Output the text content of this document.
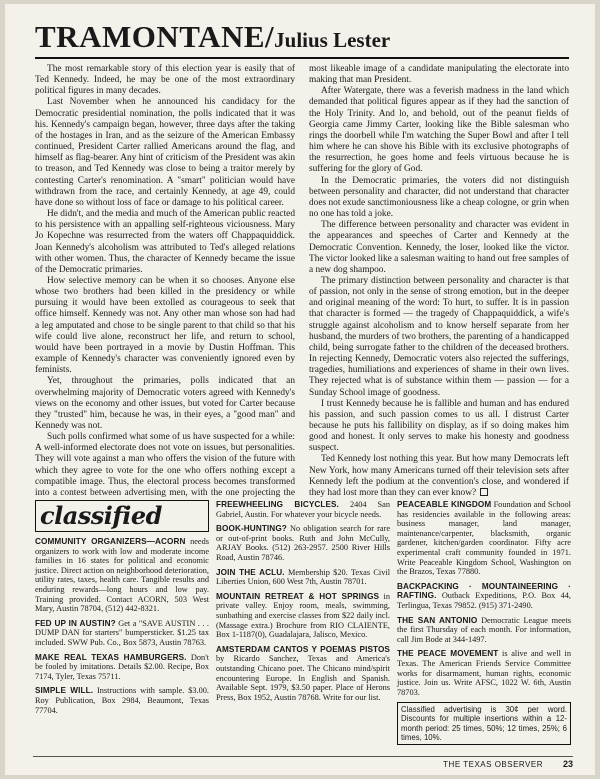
TRAMONTANE/ Julius Lester

The most remarkable story of this election year is easily that of Ted Kennedy. Indeed, he may be one of the most extraordinary political figures in many decades.

Last November when he announced his candidacy for the Democratic presidential nomination, the polls indicated that it was his. Kennedy's campaign began, however, three days after the taking of the hostages in Iran, and as the seizure of the American Embassy continued, President Carter rallied Americans around the flag, and himself as flag-bearer. Any hint of criticism of the President was akin to treason, and Ted Kennedy was close to being a traitor merely by contesting Carter's renomination. A "smart" politician would have withdrawn from the race, and certainly Kennedy, at age 49, could have done so without loss of face or damage to his political career.

He didn't, and the media and much of the American public reacted to his persistence with an appalling self-righteous viciousness. Mary Jo Kopechne was resurrected from the waters off Chappaquiddick. Joan Kennedy's alcoholism was attributed to Ted's alleged relations with other women. Thus, the character of Kennedy became the issue of the Democratic primaries.

How selective memory can be when it so chooses. Anyone else whose two brothers had been killed in the presidency or while pursuing it would have been extolled as courageous to seek that office himself. Kennedy was not. Any other man whose son had had a leg amputated and chose to be single parent to that child so that his wife could live alone, reconstruct her life, and return to school, would have been portrayed in a movie by Dustin Hoffman. This example of Kennedy's character was conveniently ignored even by feminists.

Yet, throughout the primaries, polls indicated that an overwhelming majority of Democratic voters agreed with Kennedy's views on the economy and other issues, but voted for Carter because they "trusted" him, because he was, in their eyes, a "good man" and Kennedy was not.

Such polls confirmed what some of us have suspected for a while: A well-informed electorate does not vote on issues, but personalities. They will vote against a man who offers the vision of the future with which they agree to vote for the one who offers nothing except a compatible image. Thus, the electoral process becomes transformed into a contest between advertising men, with the one projecting the most likeable image of a candidate manipulating the electorate into making that man President.

After Watergate, there was a feverish madness in the land which demanded that political figures appear as if they had the sanction of the Holy Trinity. And lo, and behold, out of the peanut fields of Georgia came Jimmy Carter, looking like the Bible salesman who rings the doorbell while I'm watching the Super Bowl and after I tell him where he can shove his Bible with its exclusive photographs of the resurrection, he goes home and feels virtuous because he is suffering for the glory of God.

In the Democratic primaries, the voters did not distinguish between personality and character, did not understand that character does not exude sanctimoniousness like a cheap cologne, or grin when no one has told a joke.

The difference between personality and character was evident in the appearances and speeches of Carter and Kennedy at the Democratic Convention. Kennedy, the loser, looked like the victor. The victor looked like a salesman waiting to hand out free samples of a new dog shampoo.

The primary distinction between personality and character is that of passion, not only in the sense of strong emotion, but in the deeper and original meaning of the word: To hurt, to suffer. It is in passion that character is formed — the tragedy of Chappaquiddick, a wife's struggle against alcoholism and to know herself separate from her husband, the murders of two brothers, the parenting of a handicapped child, being surrogate father to the children of the deceased brothers. In rejecting Kennedy, Democratic voters also rejected the sufferings, tragedies, humiliations and experiences of shame in their own lives. They rejected what is of substance within them — passion — for a Sunday School image of goodness.

I trust Kennedy because he is fallible and human and has endured his passion, and such passion comes to us all. I distrust Carter because he puts his fallibility on display, as if so doing makes him good and honest. It only serves to make his honesty and goodness suspect.

Ted Kennedy lost nothing this year. But how many Democrats left New York, how many Americans turned off their television sets after Kennedy left the podium at the convention's close, and wondered if they had lost more than they can ever know?

classified
COMMUNITY ORGANIZERS—ACORN needs organizers to work with low and moderate income families in 16 states for political and economic justice. Direct action on neighborhood deterioration, utility rates, taxes, health care. Tangible results and enduring rewards—long hours and low pay. Training provided. Contact ACORN, 503 West Mary, Austin 78704, (512) 442-8321.
FED UP IN AUSTIN? Get a "SAVE AUSTIN . . . DUMP DAN for starters" bumpersticker. $1.25 tax included. SWW Pub. Co., Box 5873, Austin 78763.
MAKE REAL TEXAS HAMBURGERS. Don't be fooled by imitations. Details $2.00. Recipe, Box 7174, Tyler, Texas 75711.
SIMPLE WILL. Instructions with sample. $3.00. Roy Publication, Box 2984, Beaumont, Texas 77704.
FREEWHEELING BICYCLES. 2404 San Gabriel, Austin. For whatever your bicycle needs.
BOOK-HUNTING? No obligation search for rare or out-of-print books. Ruth and John McCully, ARJAY Books. (512) 263-2957. 2500 River Hills Road, Austin 78746.
JOIN THE ACLU. Membership $20. Texas Civil Liberties Union, 600 West 7th, Austin 78701.
MOUNTAIN RETREAT & HOT SPRINGS in private valley. Enjoy room, meals, swimming, sunbathing and exercise classes from $22 daily incl. (Massage extra.) Brochure from RIO CLAIENTE, Box 1-1187(0), Guadalajara, Jalisco, Mexico.
AMSTERDAM CANTOS Y POEMAS PISTOS by Ricardo Sanchez, Texas and America's outstanding Chicano poet. The Chicano mind/spirit encountering Europe. In English and Spanish. Available Sept. 1979, $3.50 paper. Place of Herons Press, Box 1952, Austin 78768. Write for our list.
PEACEABLE KINGDOM Foundation and School has residencies available in the following areas: business manager, land manager, maintenance/carpenter, blacksmith, organic gardener, kitchen/garden coordinator. Fifty acre experimental craft community founded in 1971. Write Peaceable Kingdom School, Washington on the Brazos, Texas 77880.
BACKPACKING · MOUNTAINEERING · RAFTING. Outback Expeditions, P.O. Box 44, Terlingua, Texas 79852. (915) 371-2490.
THE SAN ANTONIO Democratic League meets the first Thursday of each month. For information, call Jim Bode at 344-1497.
THE PEACE MOVEMENT is alive and well in Texas. The American Friends Service Committee works for disarmament, human rights, economic justice. Join us. Write AFSC, 1022 W. 6th, Austin 78703.
Classified advertising is 30¢ per word. Discounts for multiple insertions within a 12-month period: 25 times, 50%; 12 times, 25%; 6 times, 10%.
THE TEXAS OBSERVER 23
